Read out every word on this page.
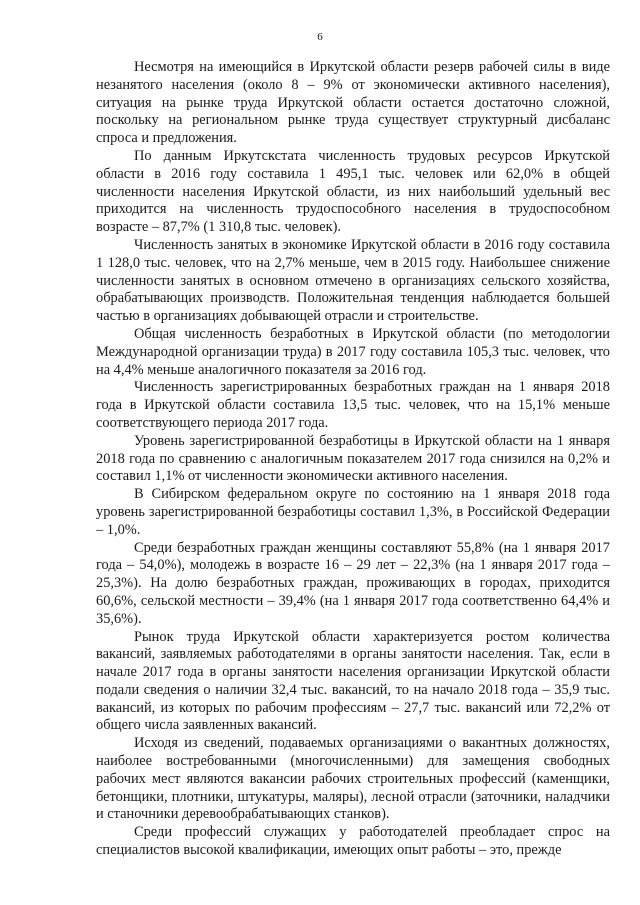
6

Несмотря на имеющийся в Иркутской области резерв рабочей силы в виде незанятого населения (около 8 – 9% от экономически активного населения), ситуация на рынке труда Иркутской области остается достаточно сложной, поскольку на региональном рынке труда существует структурный дисбаланс спроса и предложения.

По данным Иркутскстата численность трудовых ресурсов Иркутской области в 2016 году составила 1 495,1 тыс. человек или 62,0% в общей численности населения Иркутской области, из них наибольший удельный вес приходится на численность трудоспособного населения в трудоспособном возрасте – 87,7% (1 310,8 тыс. человек).

Численность занятых в экономике Иркутской области в 2016 году составила 1 128,0 тыс. человек, что на 2,7% меньше, чем в 2015 году. Наибольшее снижение численности занятых в основном отмечено в организациях сельского хозяйства, обрабатывающих производств. Положительная тенденция наблюдается большей частью в организациях добывающей отрасли и строительстве.

Общая численность безработных в Иркутской области (по методологии Международной организации труда) в 2017 году составила 105,3 тыс. человек, что на 4,4% меньше аналогичного показателя за 2016 год.

Численность зарегистрированных безработных граждан на 1 января 2018 года в Иркутской области составила 13,5 тыс. человек, что на 15,1% меньше соответствующего периода 2017 года.

Уровень зарегистрированной безработицы в Иркутской области на 1 января 2018 года по сравнению с аналогичным показателем 2017 года снизился на 0,2% и составил 1,1% от численности экономически активного населения.

В Сибирском федеральном округе по состоянию на 1 января 2018 года уровень зарегистрированной безработицы составил 1,3%, в Российской Федерации – 1,0%.

Среди безработных граждан женщины составляют 55,8% (на 1 января 2017 года – 54,0%), молодежь в возрасте 16 – 29 лет – 22,3% (на 1 января 2017 года – 25,3%). На долю безработных граждан, проживающих в городах, приходится 60,6%, сельской местности – 39,4% (на 1 января 2017 года соответственно 64,4% и 35,6%).

Рынок труда Иркутской области характеризуется ростом количества вакансий, заявляемых работодателями в органы занятости населения. Так, если в начале 2017 года в органы занятости населения организации Иркутской области подали сведения о наличии 32,4 тыс. вакансий, то на начало 2018 года – 35,9 тыс. вакансий, из которых по рабочим профессиям – 27,7 тыс. вакансий или 72,2% от общего числа заявленных вакансий.

Исходя из сведений, подаваемых организациями о вакантных должностях, наиболее востребованными (многочисленными) для замещения свободных рабочих мест являются вакансии рабочих строительных профессий (каменщики, бетонщики, плотники, штукатуры, маляры), лесной отрасли (заточники, наладчики и станочники деревообрабатывающих станков).

Среди профессий служащих у работодателей преобладает спрос на специалистов высокой квалификации, имеющих опыт работы – это, прежде
